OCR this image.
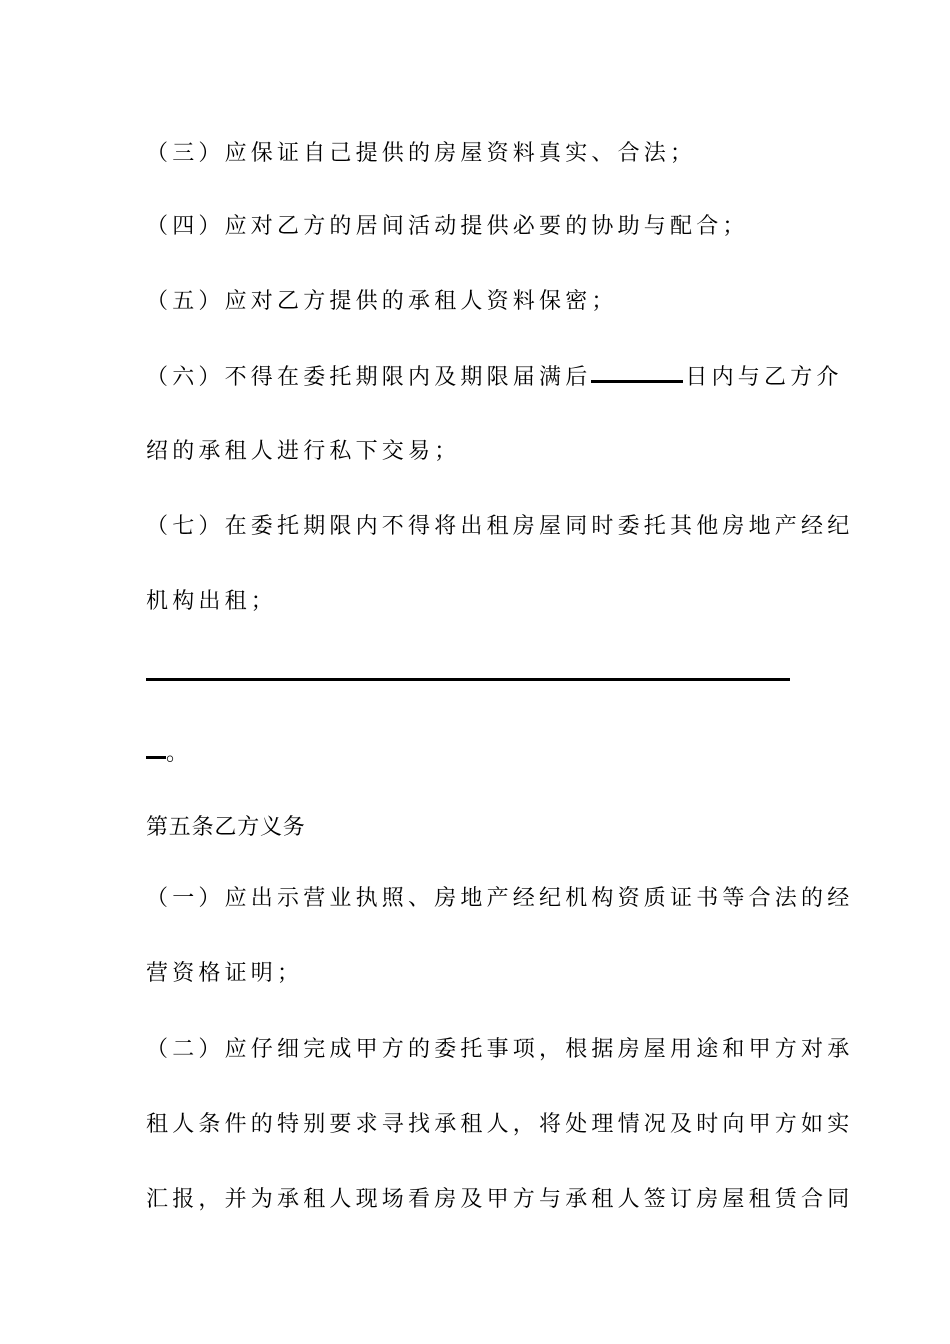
（三）应保证自己提供的房屋资料真实、合法；
（四）应对乙方的居间活动提供必要的协助与配合；
（五）应对乙方提供的承租人资料保密；
（六）不得在委托期限内及期限届满后	日内与乙方介
绍的承租人进行私下交易；
（七）在委托期限内不得将出租房屋同时委托其他房地产经纪
机构出租；
。
第五条乙方义务
（一）应出示营业执照、房地产经纪机构资质证书等合法的经
营资格证明；
（二）应仔细完成甲方的委托事项，根据房屋用途和甲方对承
租人条件的特别要求寻找承租人，将处理情况及时向甲方如实
汇报，并为承租人现场看房及甲方与承租人签订房屋租赁合同
